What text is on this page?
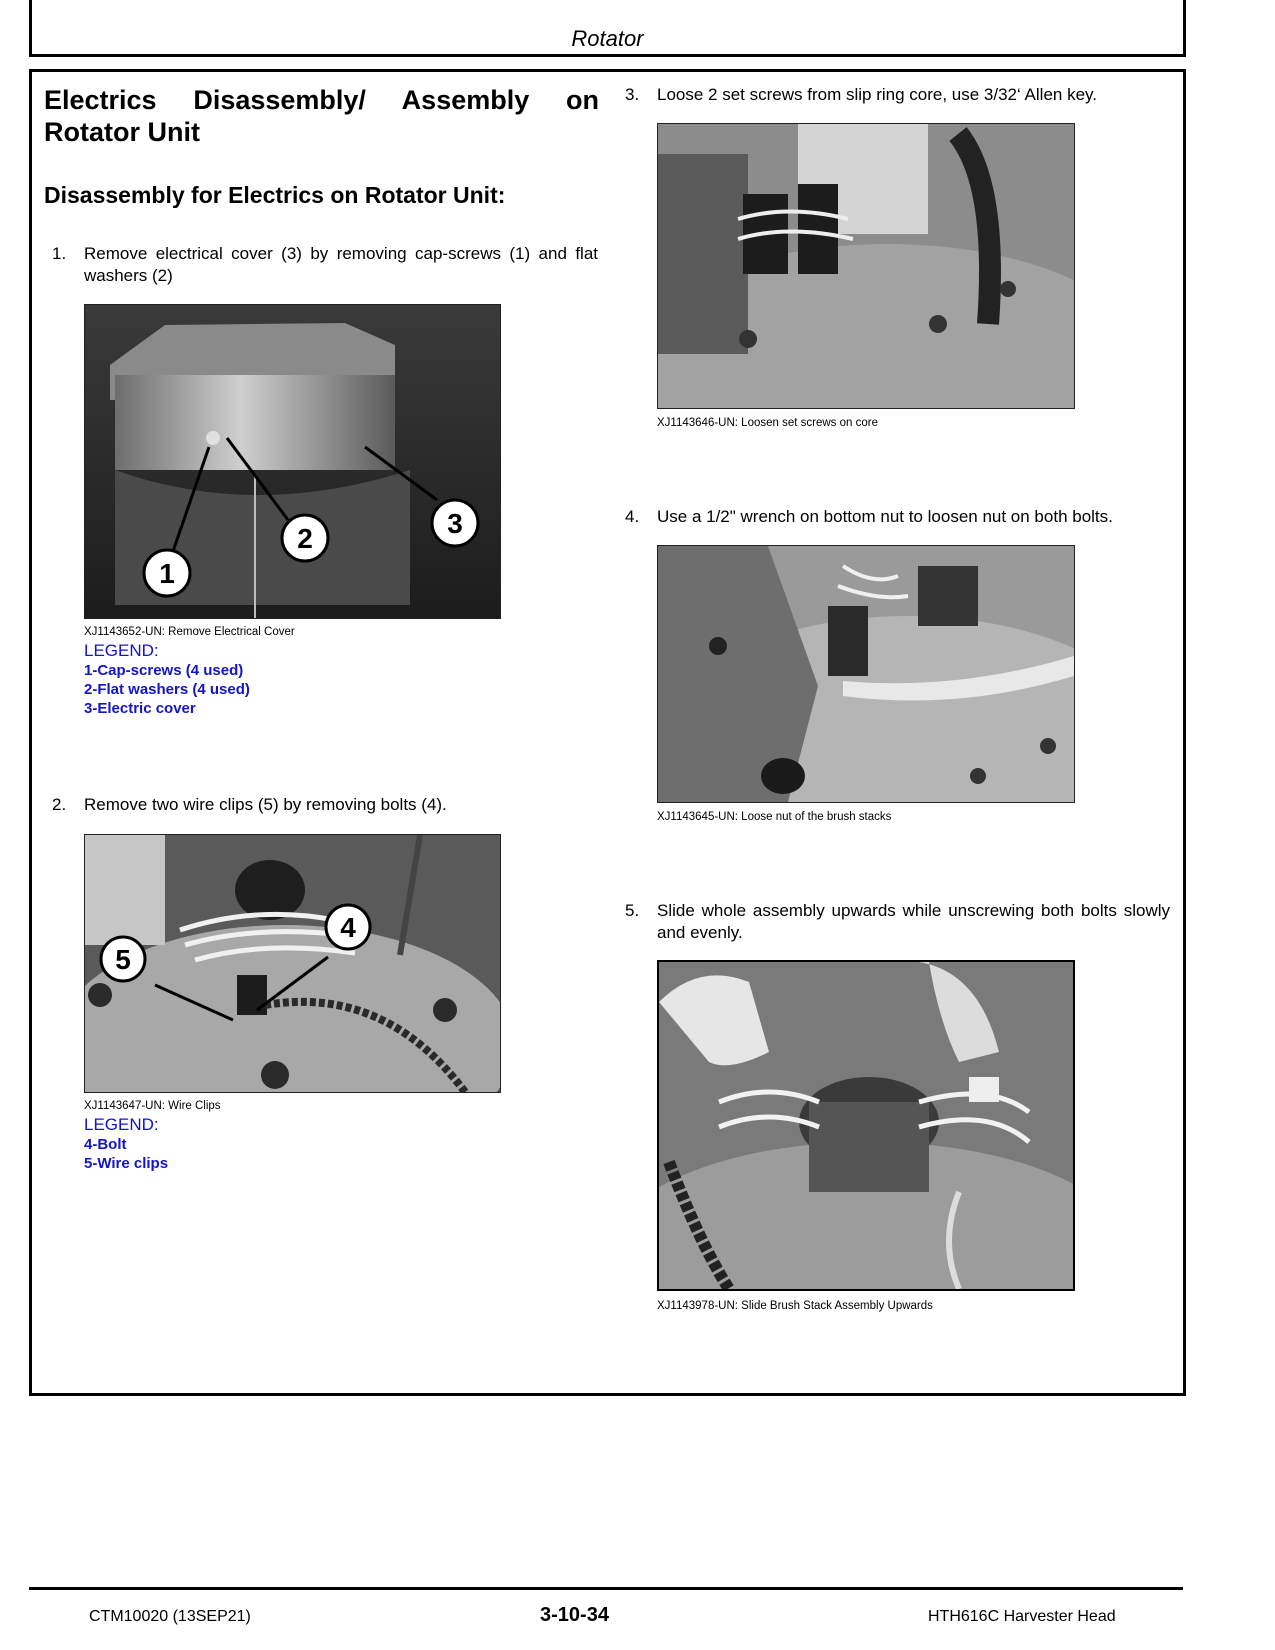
Rotator
Electrics Disassembly/ Assembly on Rotator Unit
Disassembly for Electrics on Rotator Unit:
1. Remove electrical cover (3) by removing cap-screws (1) and flat washers (2)
1
2	3
XJ1143652-UN: Remove Electrical Cover
LEGEND:
1-Cap-screws (4 used)
2-Flat washers (4 used)
3-Electric cover
2. Remove two wire clips (5) by removing bolts (4).
5
4
XJ1143647-UN: Wire Clips
LEGEND:
4-Bolt
5-Wire clips
3. Loose 2 set screws from slip ring core, use 3/32‘ Allen key.
XJ1143646-UN: Loosen set screws on core
4. Use a 1/2" wrench on bottom nut to loosen nut on both bolts.
XJ1143645-UN: Loose nut of the brush stacks
5. Slide whole assembly upwards while unscrewing both bolts slowly and evenly.
XJ1143978-UN: Slide Brush Stack Assembly Upwards
CTM10020 (13SEP21)	3-10-34	HTH616C Harvester Head
